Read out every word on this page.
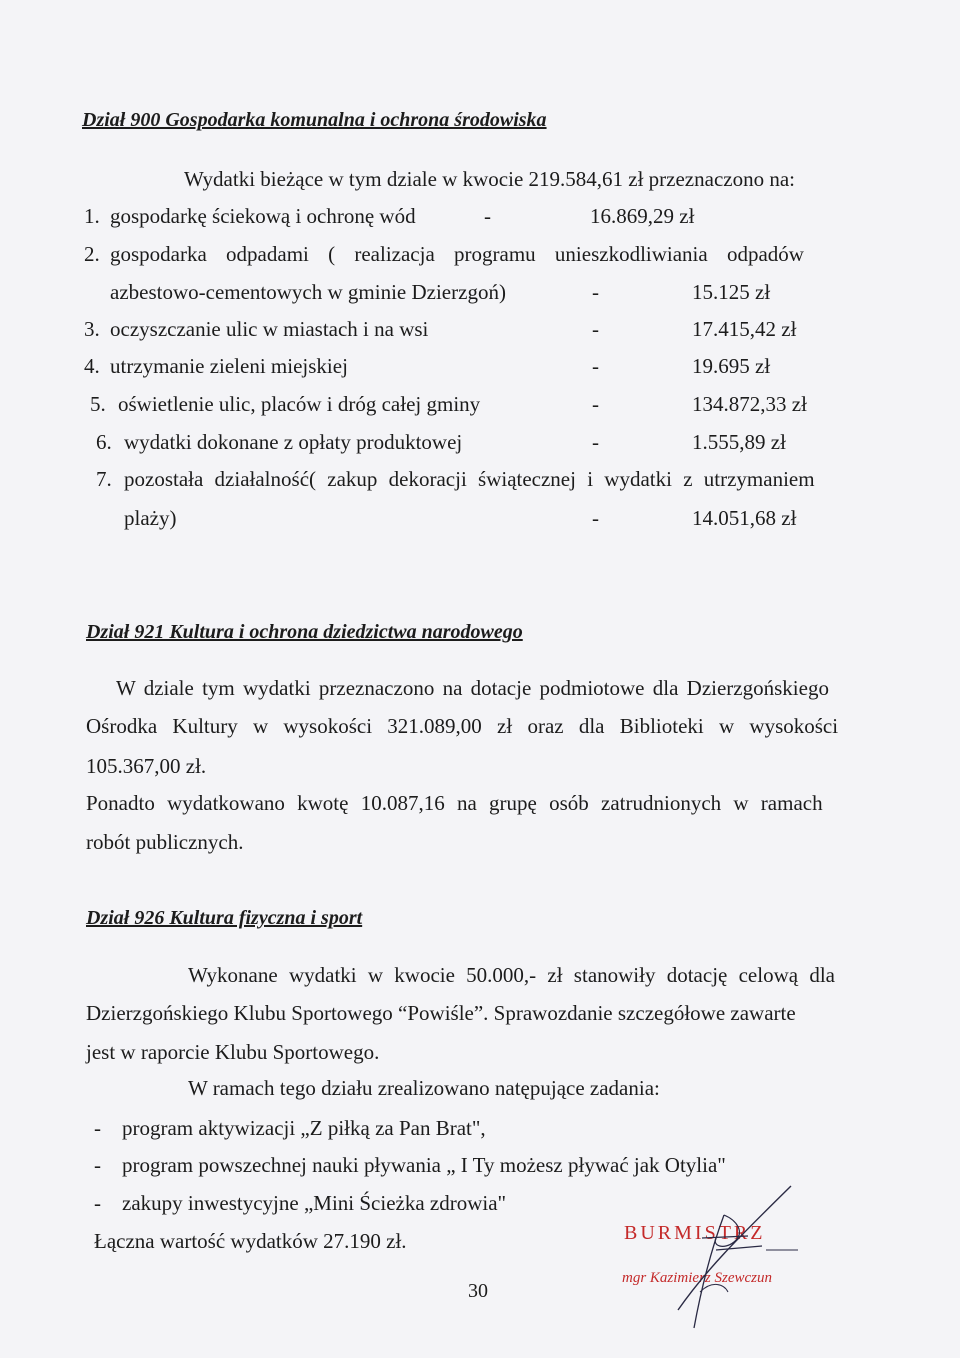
Dział 900 Gospodarka komunalna i ochrona środowiska
Wydatki bieżące w tym dziale w kwocie 219.584,61 zł przeznaczono na:
1. gospodarkę ściekową i ochronę wód	-	16.869,29 zł
2. gospodarka odpadami ( realizacja programu unieszkodliwiania odpadów
azbestowo-cementowych w gminie Dzierzgoń)	-	15.125 zł
3. oczyszczanie ulic w miastach i na wsi	-	17.415,42 zł
4. utrzymanie zieleni miejskiej	-	19.695 zł
5. oświetlenie ulic, placów i dróg całej gminy	-	134.872,33 zł
6. wydatki dokonane z opłaty produktowej	-	1.555,89 zł
7. pozostała działalność( zakup dekoracji świątecznej i wydatki z utrzymaniem
plaży)	-	14.051,68 zł
Dział 921 Kultura i ochrona dziedzictwa narodowego
W dziale tym wydatki przeznaczono na dotacje podmiotowe dla Dzierzgońskiego
Ośrodka Kultury w wysokości 321.089,00 zł oraz dla Biblioteki w wysokości
105.367,00 zł.
Ponadto wydatkowano kwotę 10.087,16 na grupę osób zatrudnionych w ramach
robót publicznych.
Dział 926 Kultura fizyczna i sport
Wykonane wydatki w kwocie 50.000,- zł stanowiły dotację celową dla
Dzierzgońskiego Klubu Sportowego “Powiśle”. Sprawozdanie szczegółowe zawarte
jest w raporcie Klubu Sportowego.
W ramach tego działu zrealizowano natępujące zadania:
- program aktywizacji „Z piłką za Pan Brat",
- program powszechnej nauki pływania „ I Ty możesz pływać jak Otylia"
- zakupy inwestycyjne „Mini Ścieżka zdrowia"
Łączna wartość wydatków 27.190 zł.	BURMISTRZ
mgr Kazimierz Szewczun
30
